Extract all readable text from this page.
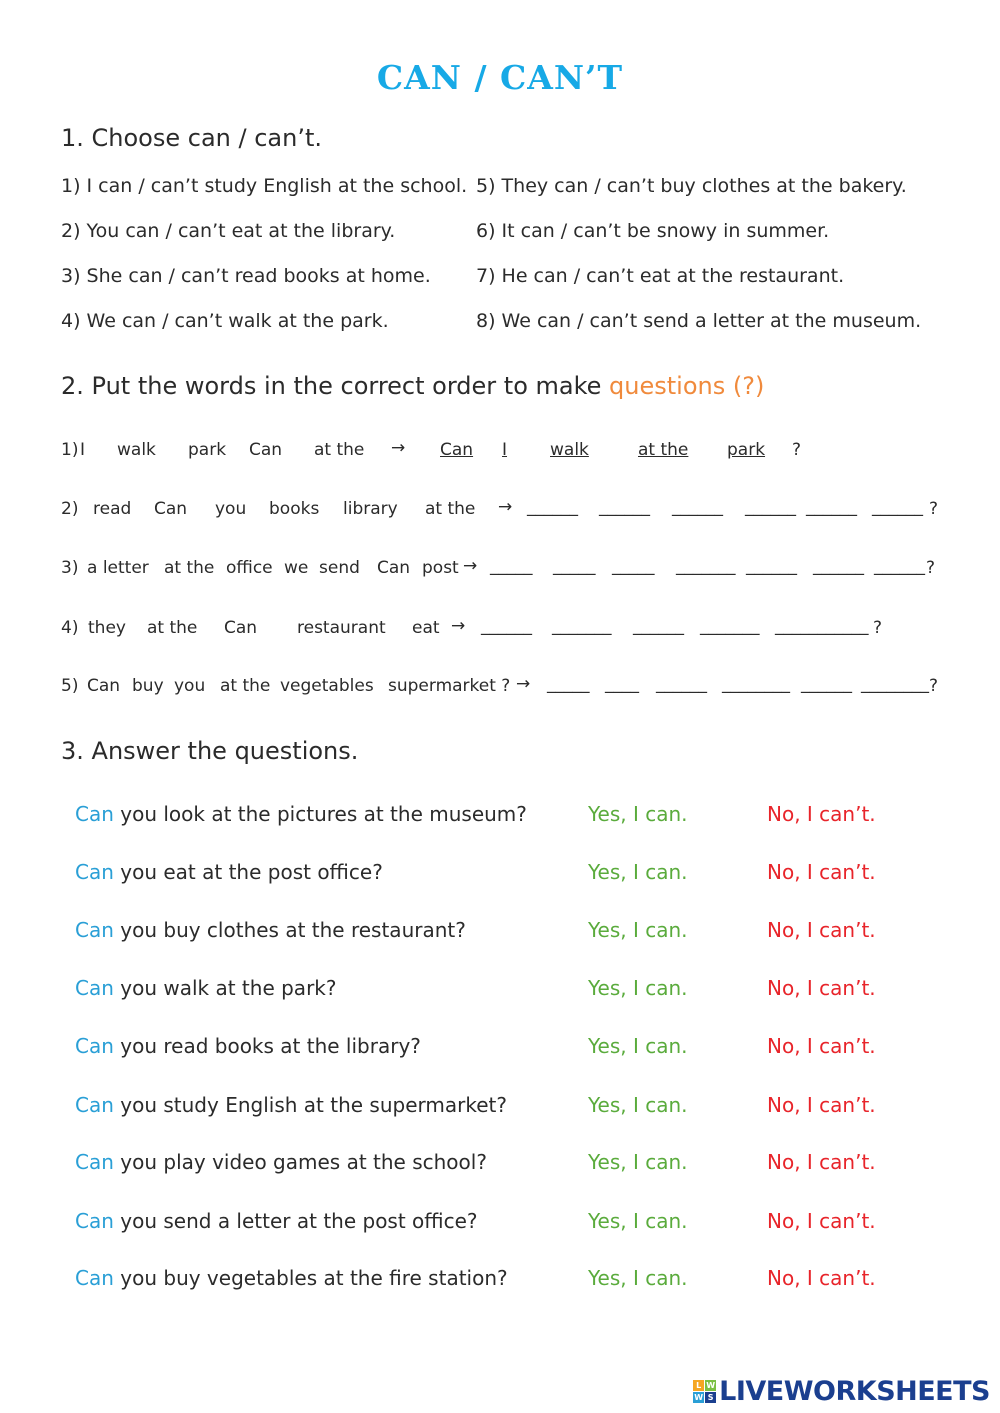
CAN / CAN’T
1. Choose can / can’t.
1) I can / can’t study English at the school.
2) You can / can’t eat at the library.
3) She can / can’t read books at home.
4) We can / can’t walk at the park.
5) They can / can’t buy clothes at the bakery.
6) It can / can’t be snowy in summer.
7) He can / can’t eat at the restaurant.
8) We can / can’t send a letter at the museum.
2. Put the words in the correct order to make questions (?)
1) I walk park Can at the → Can I	walk	at the park ?
2) read Can you books library at the → ______ ______ ______ ______ ______ ______ ?
3) a letter at the office we send Can post → _____ _____ _____ _______ ______ ______ ______ ?
4) they at the Can restaurant eat → ______ _______ ______ _______ ___________ ?
5) Can buy you at the vegetables supermarket ? → _____ ____ ______ ________ ______ ________ ?
3. Answer the questions.
Can you look at the pictures at the museum?	Yes, I can.	No, I can’t.
Can you eat at the post office?	Yes, I can.	No, I can’t.
Can you buy clothes at the restaurant?	Yes, I can.	No, I can’t.
Can you walk at the park?	Yes, I can.	No, I can’t.
Can you read books at the library?	Yes, I can.	No, I can’t.
Can you study English at the supermarket?	Yes, I can.	No, I can’t.
Can you play video games at the school?	Yes, I can.	No, I can’t.
Can you send a letter at the post office?	Yes, I can.	No, I can’t.
Can you buy vegetables at the fire station?	Yes, I can.	No, I can’t.
L W
W S LIVEWORKSHEETS
